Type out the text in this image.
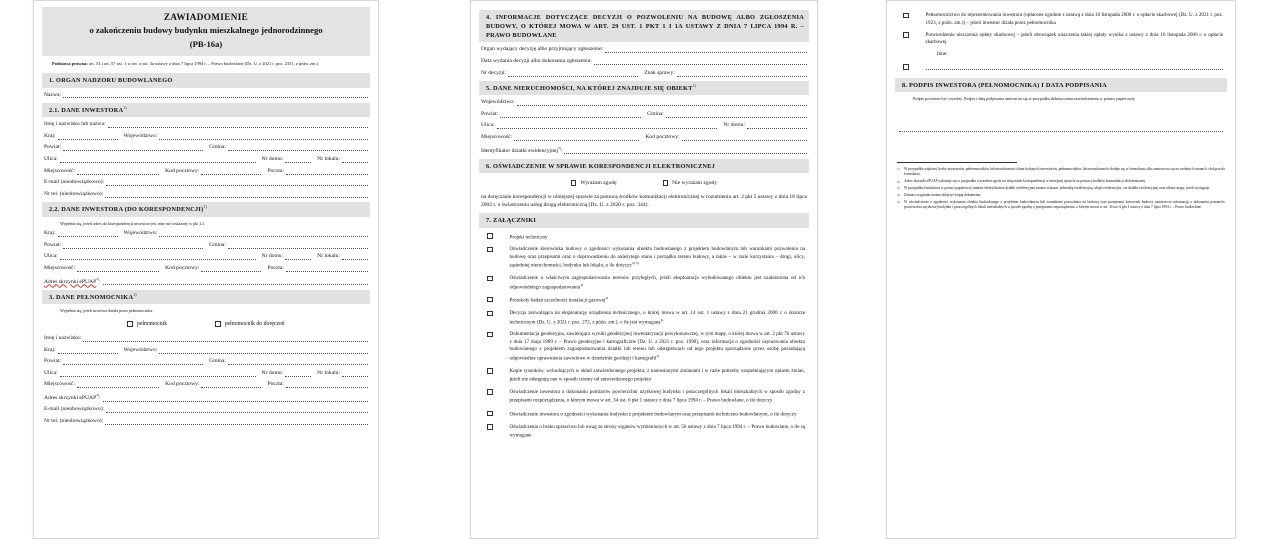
ZAWIADOMIENIE
o zakończeniu budowy budynku mieszkalnego jednorodzinnego
(PB-16a)
Podstawa prawna: art. 54 i art. 57 ust. 1 w zw. z ust. 3a ustawy z dnia 7 lipca 1994 r. – Prawo budowlane (Dz. U. z 2021 r. poz. 2351, z późn. zm.).
1. ORGAN NADZORU BUDOWLANEGO
Nazwa:
2.1. DANE INWESTORA$^{1)}$
Imię i nazwisko lub nazwa:
Kraj:	Województwo:
Powiat:	Gmina:
Ulica:	Nr domu:	Nr lokalu:
Miejscowość:	Kod pocztowy:	Poczta:
E-mail (nieobowiązkowo):
Nr tel. (nieobowiązkowo):
2.2. DANE INWESTORA (DO KORESPONDENCJI)$^{1)}$
Wypełnia się, jeżeli adres do korespondencji inwestora jest inny niż wskazany w pkt 2.1.
Kraj:	Województwo:
Powiat:	Gmina:
Ulica:	Nr domu:	Nr lokalu:
Miejscowość:	Kod pocztowy:	Poczta:
Adres skrzynki ePUAP$^{2)}$:
3. DANE PEŁNOMOCNIKA$^{1)}$
Wypełnia się, jeżeli inwestor działa przez pełnomocnika.
pełnomocnik	pełnomocnik do doręczeń
Imię i nazwisko:
Kraj:	Województwo:
Powiat:	Gmina:
Ulica:	Nr domu:	Nr lokalu:
Miejscowość:	Kod pocztowy:	Poczta:
Adres skrzynki ePUAP$^{2)}$:
E-mail (nieobowiązkowo):
Nr tel. (nieobowiązkowo):
4. INFORMACJE DOTYCZĄCE DECYZJI O POZWOLENIU NA BUDOWĘ ALBO ZGŁOSZENIA BUDOWY, O KTÓREJ MOWA W ART. 29 UST. 1 PKT 1 I 1A USTAWY Z DNIA 7 LIPCA 1994 R. – PRAWO BUDOWLANE
Organ wydający decyzję albo przyjmujący zgłoszenie:
Data wydania decyzji albo dokonania zgłoszenia:
Nr decyzji:	Znak sprawy:
5. DANE NIERUCHOMOŚCI, NA KTÓREJ ZNAJDUJE SIĘ OBIEKT$^{1)}$
Województwo:
Powiat:	Gmina:
Ulica:	Nr domu:
Miejscowość:	Kod pocztowy:
Identyfikator działki ewidencyjnej$^{3)}$:
6. OŚWIADCZENIE W SPRAWIE KORESPONDENCJI ELEKTRONICZNEJ
Wyrażam zgodę	Nie wyrażam zgody
na doręczanie korespondencji w niniejszej sprawie za pomocą środków komunikacji elektronicznej w rozumieniu art. 2 pkt 5 ustawy z dnia 18 lipca 2002 r. o świadczeniu usług drogą elektroniczną (Dz. U. z 2020 r. poz. 344).
7. ZAŁĄCZNIKI
Projekt techniczny
Oświadczenie kierownika budowy o zgodności wykonania obiektu budowlanego z projektem budowlanym lub warunkami pozwolenia na budowę oraz przepisami oraz o doprowadzeniu do należytego stanu i porządku terenu budowy, a także – w razie korzystania – drogi, ulicy, sąsiedniej nieruchomości, budynku lub lokalu, o ile dotyczy$^{4), 5)}$
Oświadczenie o właściwym zagospodarowaniu terenów przyległych, jeżeli eksploatacja wybudowanego obiektu jest uzależniona od ich odpowiedniego zagospodarowania$^{4)}$
Protokoły badań szczelności instalacji gazowej$^{4)}$
Decyzja zezwalająca na eksploatację urządzenia technicznego, o której mowa w art. 14 ust. 1 ustawy z dnia 21 grudnia 2000 r. o dozorze technicznym (Dz. U. z 2021 r. poz. 272, z późn. zm.), o ile jest wymagana$^{4)}$
Dokumentacja geodezyjna, zawierająca wyniki geodezyjnej inwentaryzacji powykonawczej, w tym mapę, o której mowa w art. 2 pkt 7b ustawy z dnia 17 maja 1989 r. – Prawo geodezyjne i kartograficzne (Dz. U. z 2021 r. poz. 1990), oraz informacja o zgodności usytuowania obiektu budowlanego z projektem zagospodarowania działki lub terenu lub odstępstwach od tego projektu sporządzone przez osobę posiadającą odpowiednie uprawnienia zawodowe w dziedzinie geodezji i kartografii$^{4)}$
Kopie rysunków, wchodzących w skład zatwierdzonego projektu, z naniesionymi zmianami i w razie potrzeby uzupełniającym opisem zmian, jeżeli nie odstępują one w sposób istotny od zatwierdzonego projektu
Oświadczenie inwestora o dokonaniu pomiarów powierzchni użytkowej budynku i poszczególnych lokali mieszkalnych w sposób zgodny z przepisami rozporządzenia, o którym mowa w art. 34 ust. 6 pkt 1 ustawy z dnia 7 lipca 1994 r. – Prawo budowlane, o ile dotyczy
Oświadczenie inwestora o zgodności wykonania budynku z projektem budowlanym oraz przepisami techniczno-budowlanymi, o ile dotyczy
Oświadczenia o braku sprzeciwu lub uwag ze strony organów wymienionych w art. 56 ustawy z dnia 7 lipca 1994 r. – Prawo budowlane, o ile są wymagane
Pełnomocnictwo do reprezentowania inwestora (opłacone zgodnie z ustawą z dnia 16 listopada 2006 r. o opłacie skarbowej (Dz. U. z 2021 r. poz. 1923, z późn. zm.)) – jeżeli inwestor działa przez pełnomocnika
Potwierdzenie uiszczenia opłaty skarbowej – jeżeli obowiązek uiszczenia takiej opłaty wynika z ustawy z dnia 16 listopada 2006 r. o opłacie skarbowej
Inne:
8. PODPIS INWESTORA (PEŁNOMOCNIKA) I DATA PODPISANIA
Podpis powinien być czytelny. Podpis i datę podpisania umieszcza się w przypadku dokonywania zawiadomienia w postaci papierowej.
1)	W przypadku większej liczby inwestorów, pełnomocników lub nieruchomości dane kolejnych inwestorów, pełnomocników lub nieruchomości dodaje się w formularzu albo zamieszcza się na osobnych stronach i dołącza do formularza.
2)	Adres skrzynki ePUAP wskazuje się w przypadku wyrażenia zgody na doręczanie korespondencji w niniejszej sprawie za pomocą środków komunikacji elektronicznej.
3)	W przypadku formularza w postaci papierowej zamiast identyfikatora działki ewidencyjnej można wskazać jednostkę ewidencyjną, obręb ewidencyjny i nr działki ewidencyjnej oraz arkusz mapy, jeżeli występuje.
4)	Zamiast oryginału można dołączyć kopię dokumentu.
5)	W oświadczeniu o zgodności wykonania obiektu budowlanego z projektem budowlanym lub warunkami pozwolenia na budowę oraz przepisami kierownik budowy zamieszcza informację o dokonaniu pomiarów powierzchni użytkowej budynku i poszczególnych lokali mieszkalnych w sposób zgodny z przepisami rozporządzenia, o którym mowa w art. 34 ust. 6 pkt 1 ustawy z dnia 7 lipca 1994 r. – Prawo budowlane.
